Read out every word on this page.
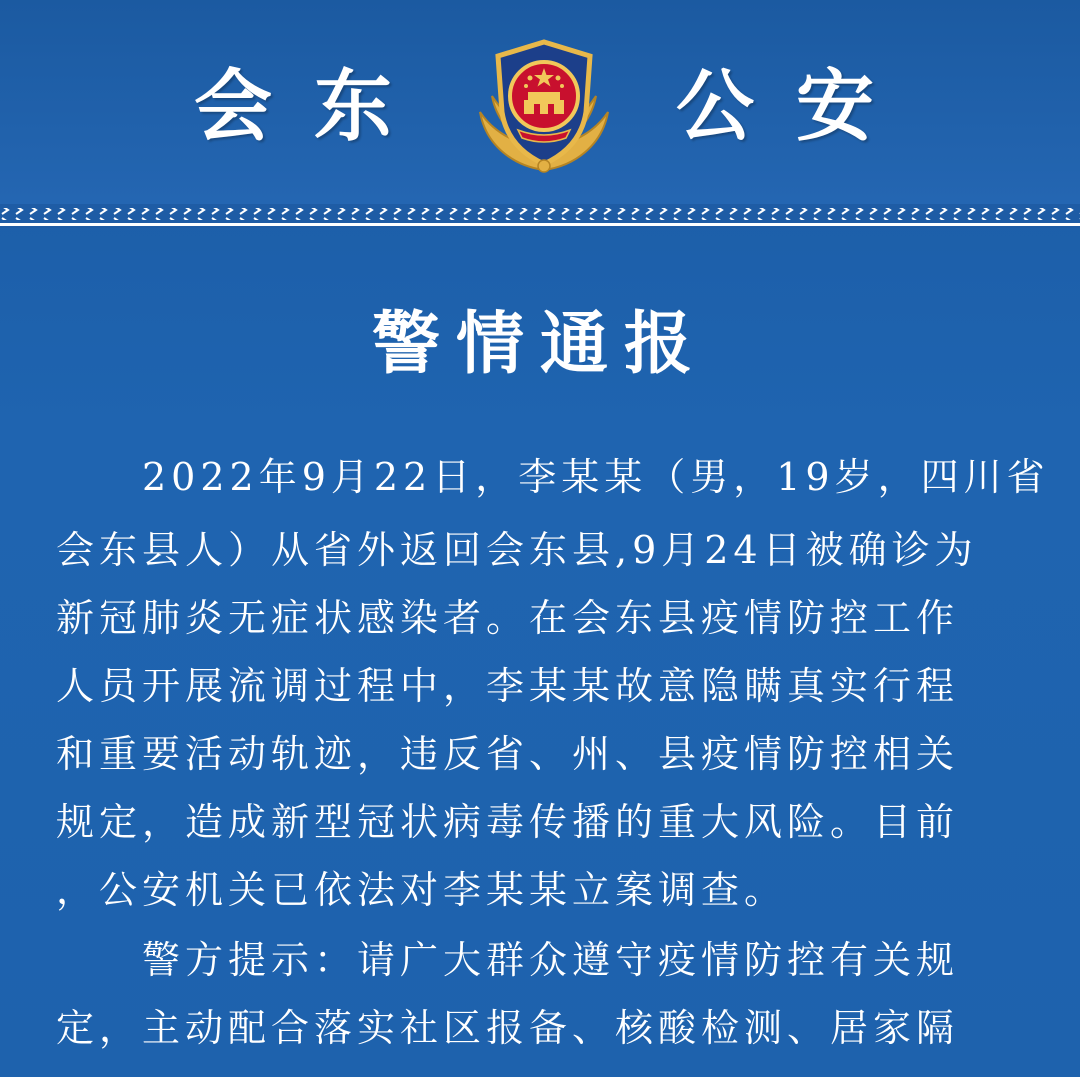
会东	公安
警情通报
2022年9月22日，李某某（男，19岁，四川省
会东县人）从省外返回会东县,9月24日被确诊为
新冠肺炎无症状感染者。在会东县疫情防控工作
人员开展流调过程中，李某某故意隐瞒真实行程
和重要活动轨迹，违反省、州、县疫情防控相关
规定，造成新型冠状病毒传播的重大风险。目前
，公安机关已依法对李某某立案调查。
警方提示：请广大群众遵守疫情防控有关规
定，主动配合落实社区报备、核酸检测、居家隔
